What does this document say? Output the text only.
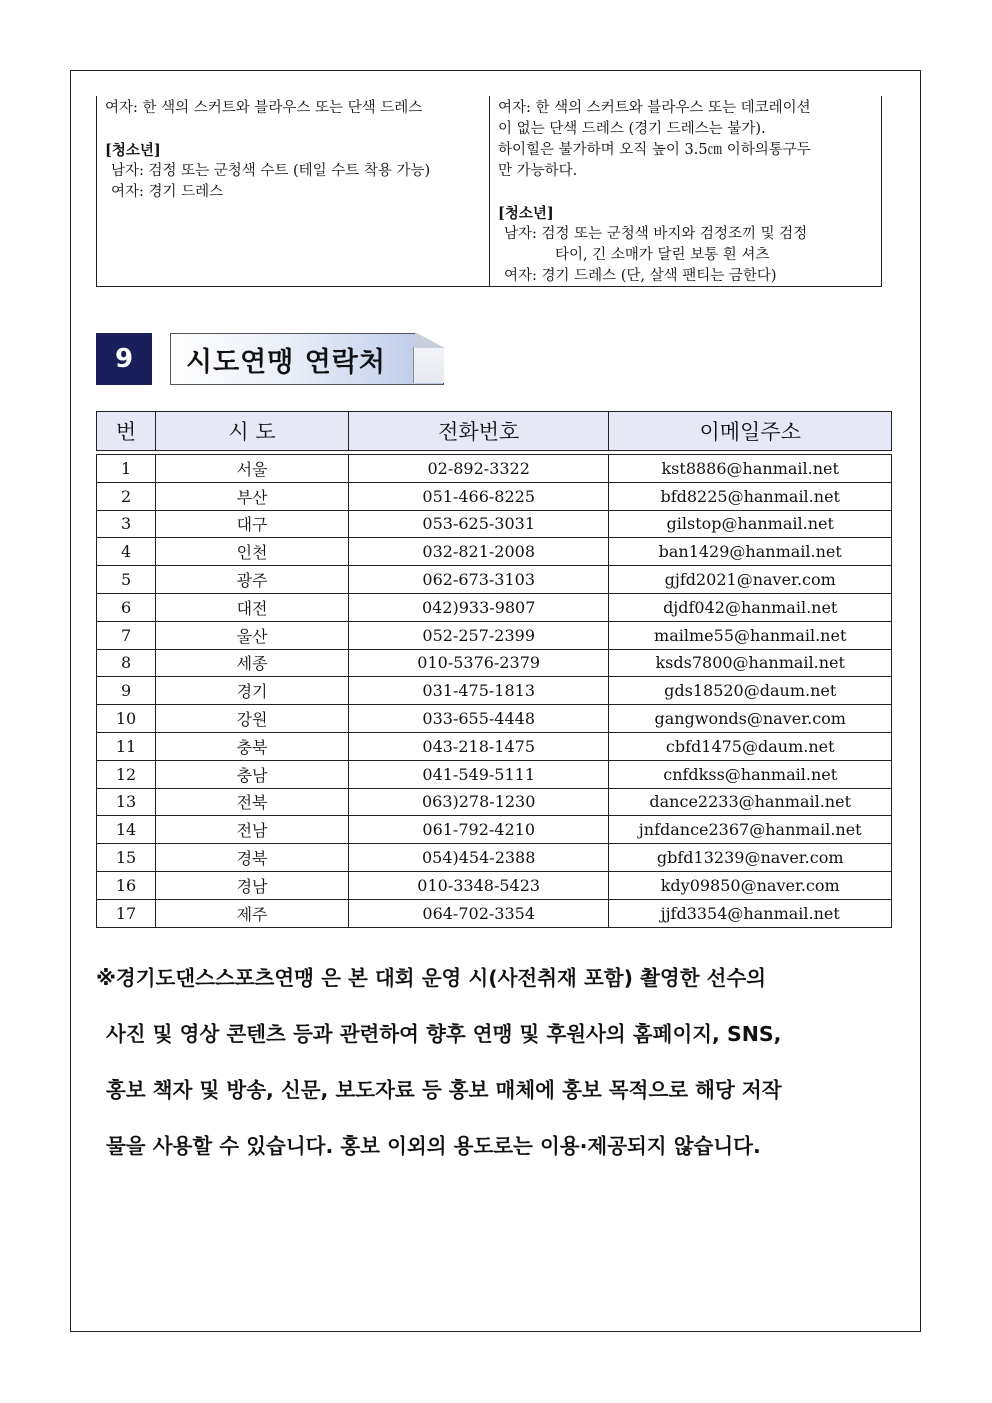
여자: 한 색의 스커트와 블라우스 또는 단색 드레스
[청소년]
남자: 검정 또는 군청색 수트 (테일 수트 착용 가능)
여자: 경기 드레스
여자: 한 색의 스커트와 블라우스 또는 데코레이션
이 없는 단색 드레스 (경기 드레스는 불가).
하이힐은 불가하며 오직 높이 3.5㎝ 이하의통구두
만 가능하다.
[청소년]
남자: 검정 또는 군청색 바지와 검정조끼 및 검정
타이, 긴 소매가 달린 보통 흰 셔츠
여자: 경기 드레스 (단, 살색 팬티는 금한다)
9 시도연맹 연락처
번	시 도	전화번호	이메일주소

1	서울	02-892-3322	kst8886@hanmail.net
2	부산	051-466-8225	bfd8225@hanmail.net
3	대구	053-625-3031	gilstop@hanmail.net
4	인천	032-821-2008	ban1429@hanmail.net
5	광주	062-673-3103	gjfd2021@naver.com
6	대전	042)933-9807	djdf042@hanmail.net
7	울산	052-257-2399	mailme55@hanmail.net
8	세종	010-5376-2379	ksds7800@hanmail.net
9	경기	031-475-1813	gds18520@daum.net
10	강원	033-655-4448	gangwonds@naver.com
11	충북	043-218-1475	cbfd1475@daum.net
12	충남	041-549-5111	cnfdkss@hanmail.net
13	전북	063)278-1230	dance2233@hanmail.net
14	전남	061-792-4210	jnfdance2367@hanmail.net
15	경북	054)454-2388	gbfd13239@naver.com
16	경남	010-3348-5423	kdy09850@naver.com
17	제주	064-702-3354	jjfd3354@hanmail.net
※경기도댄스스포츠연맹 은 본 대회 운영 시(사전취재 포함) 촬영한 선수의
사진 및 영상 콘텐츠 등과 관련하여 향후 연맹 및 후원사의 홈페이지, SNS,
홍보 책자 및 방송, 신문, 보도자료 등 홍보 매체에 홍보 목적으로 해당 저작
물을 사용할 수 있습니다. 홍보 이외의 용도로는 이용·제공되지 않습니다.
